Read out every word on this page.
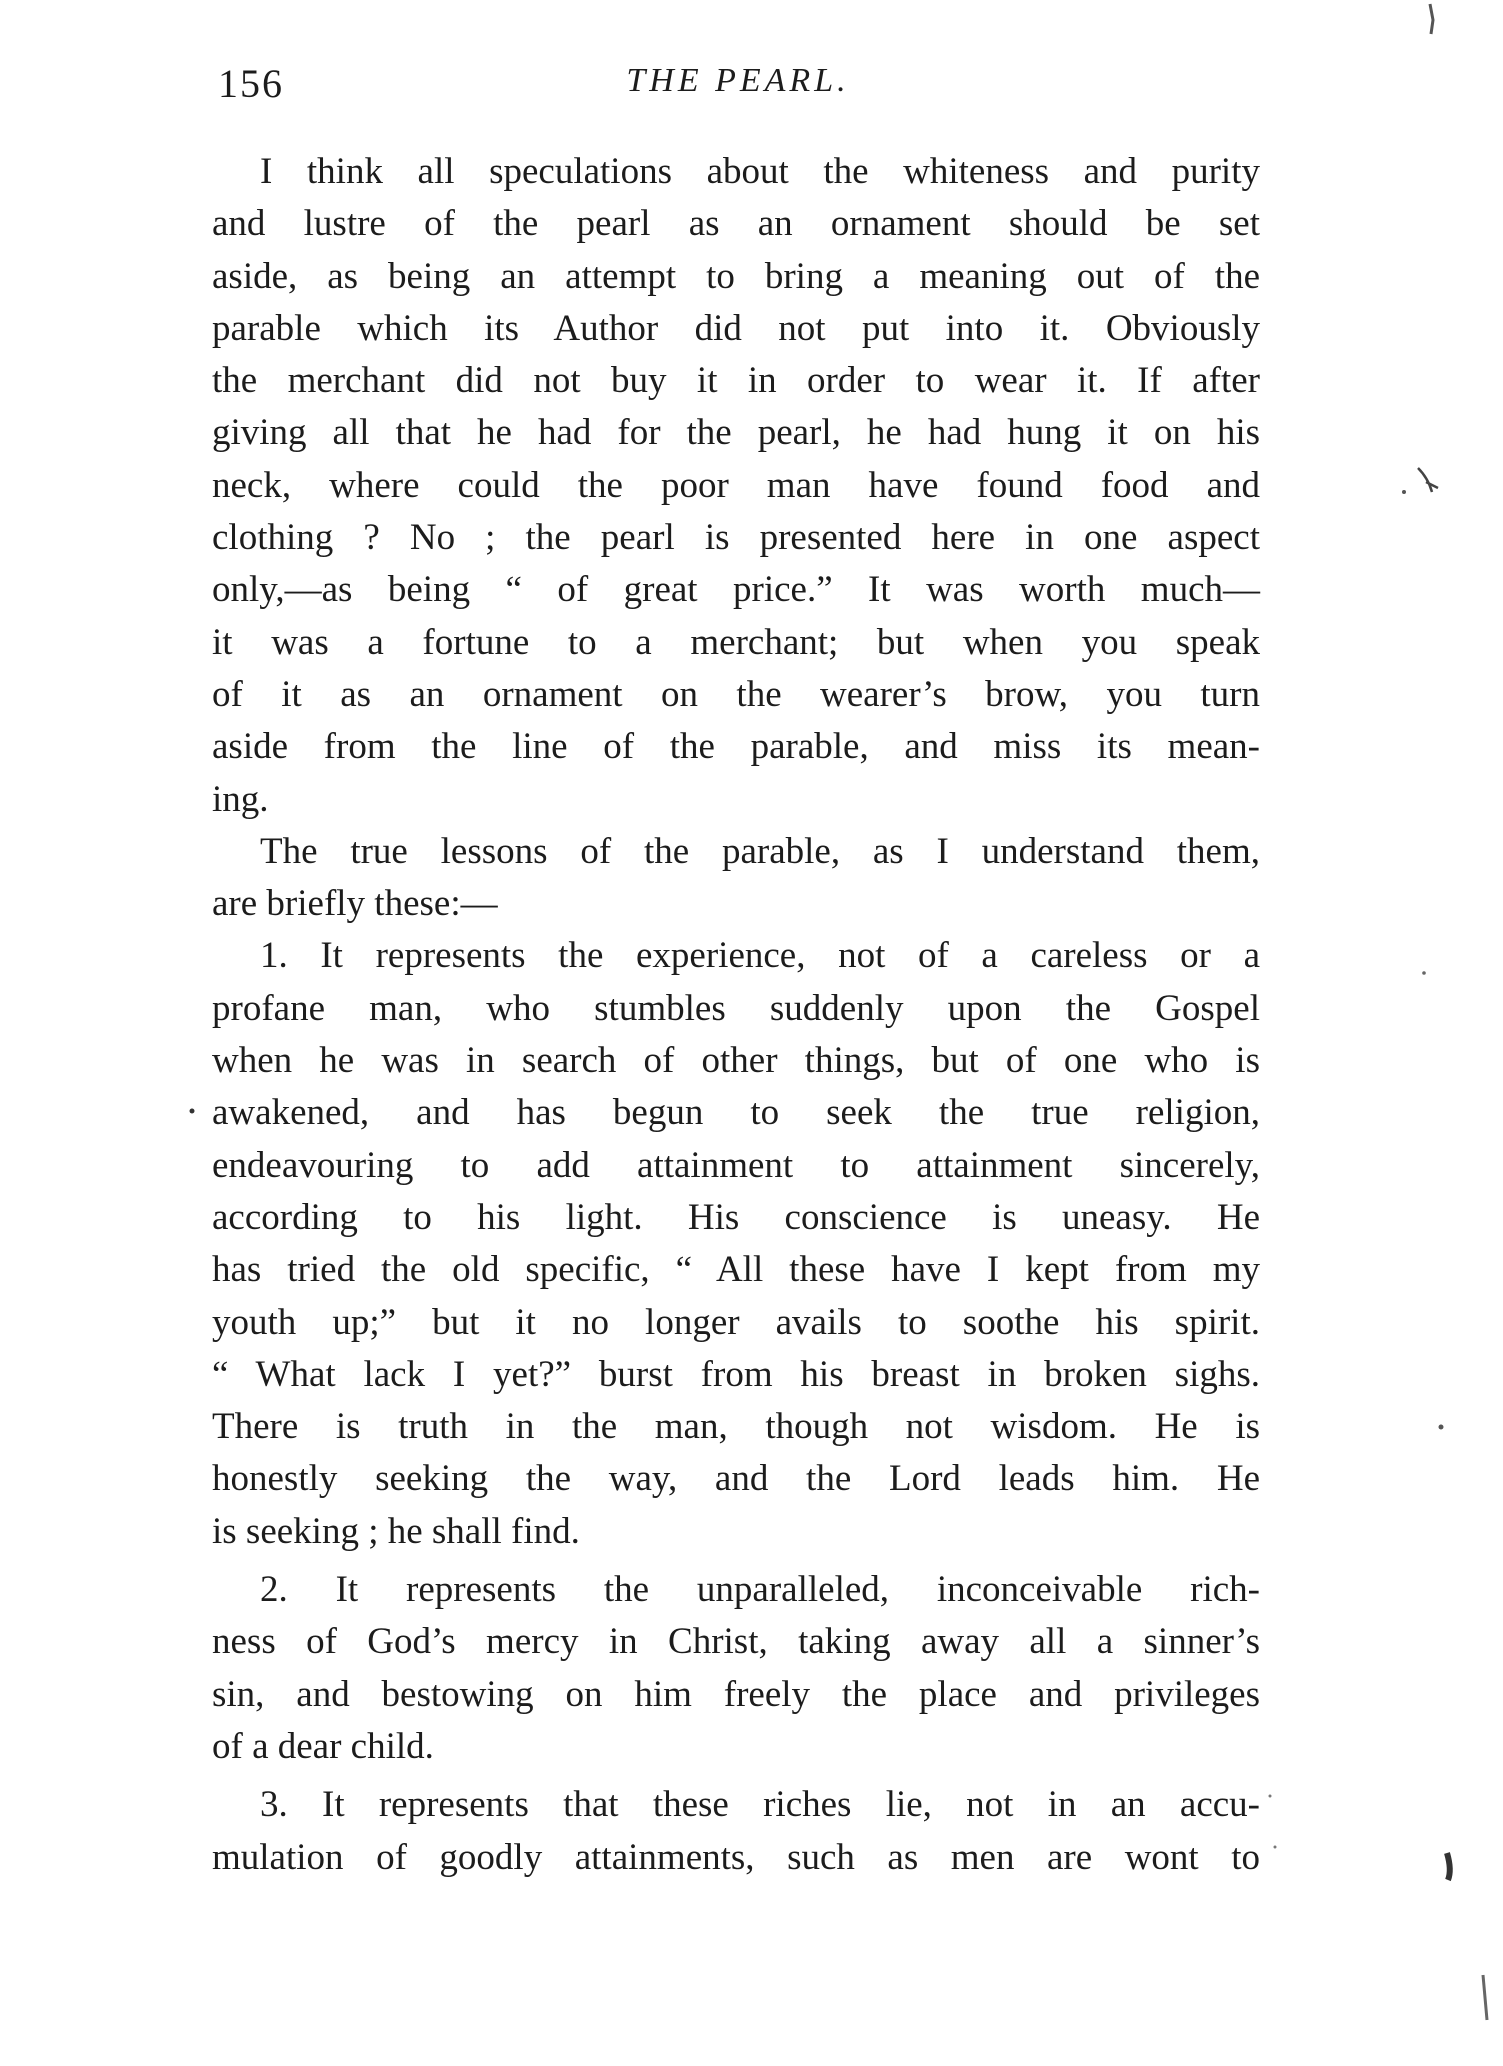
156	THE PEARL.
I think all speculations about the whiteness and purity
and lustre of the pearl as an ornament should be set
aside, as being an attempt to bring a meaning out of the
parable which its Author did not put into it. Obviously
the merchant did not buy it in order to wear it. If after
giving all that he had for the pearl, he had hung it on his
neck, where could the poor man have found food and
clothing ? No ; the pearl is presented here in one aspect
only,—as being “ of great price.” It was worth much—
it was a fortune to a merchant; but when you speak
of it as an ornament on the wearer’s brow, you turn
aside from the line of the parable, and miss its mean-
ing.
The true lessons of the parable, as I understand them,
are briefly these:—
1. It represents the experience, not of a careless or a
profane man, who stumbles suddenly upon the Gospel
when he was in search of other things, but of one who is
awakened, and has begun to seek the true religion,
endeavouring to add attainment to attainment sincerely,
according to his light. His conscience is uneasy. He
has tried the old specific, “ All these have I kept from my
youth up;” but it no longer avails to soothe his spirit.
“ What lack I yet?” burst from his breast in broken sighs.
There is truth in the man, though not wisdom. He is
honestly seeking the way, and the Lord leads him. He
is seeking ; he shall find.
2. It represents the unparalleled, inconceivable rich-
ness of God’s mercy in Christ, taking away all a sinner’s
sin, and bestowing on him freely the place and privileges
of a dear child.
3. It represents that these riches lie, not in an accu-
mulation of goodly attainments, such as men are wont to
